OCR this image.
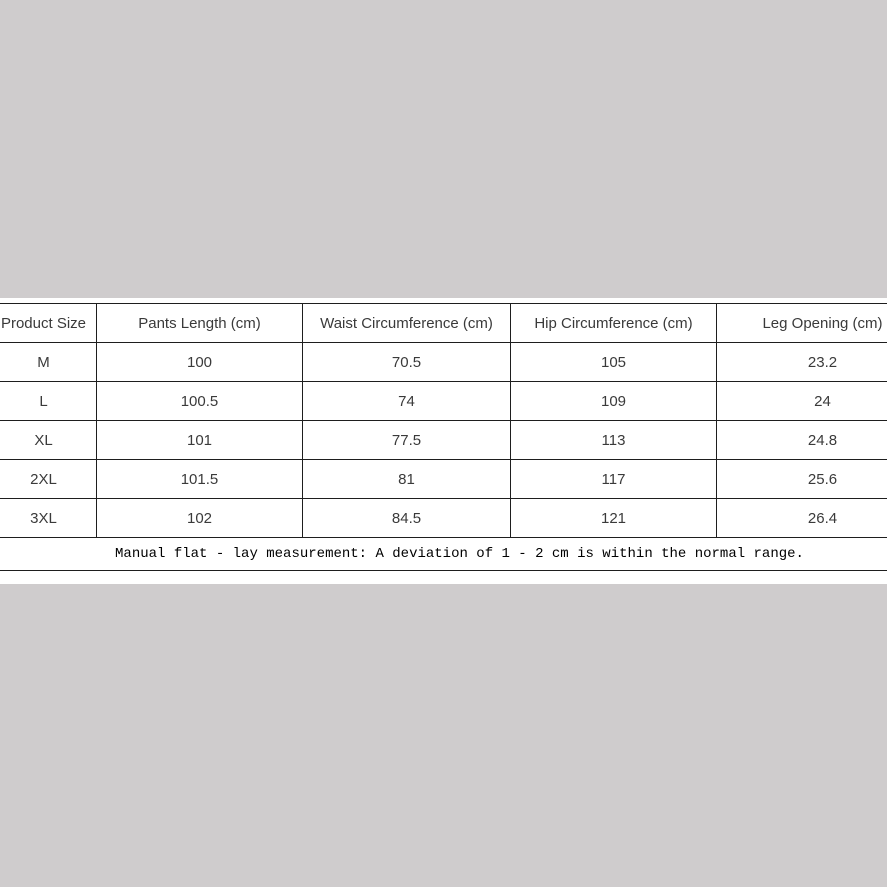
Product Size	Pants Length (cm)	Waist Circumference (cm)	Hip Circumference (cm)	Leg Opening (cm)
M	100	70.5	105	23.2
L	100.5	74	109	24
XL	101	77.5	113	24.8
2XL	101.5	81	117	25.6
3XL	102	84.5	121	26.4
Manual flat - lay measurement: A deviation of 1 - 2 cm is within the normal range.				
